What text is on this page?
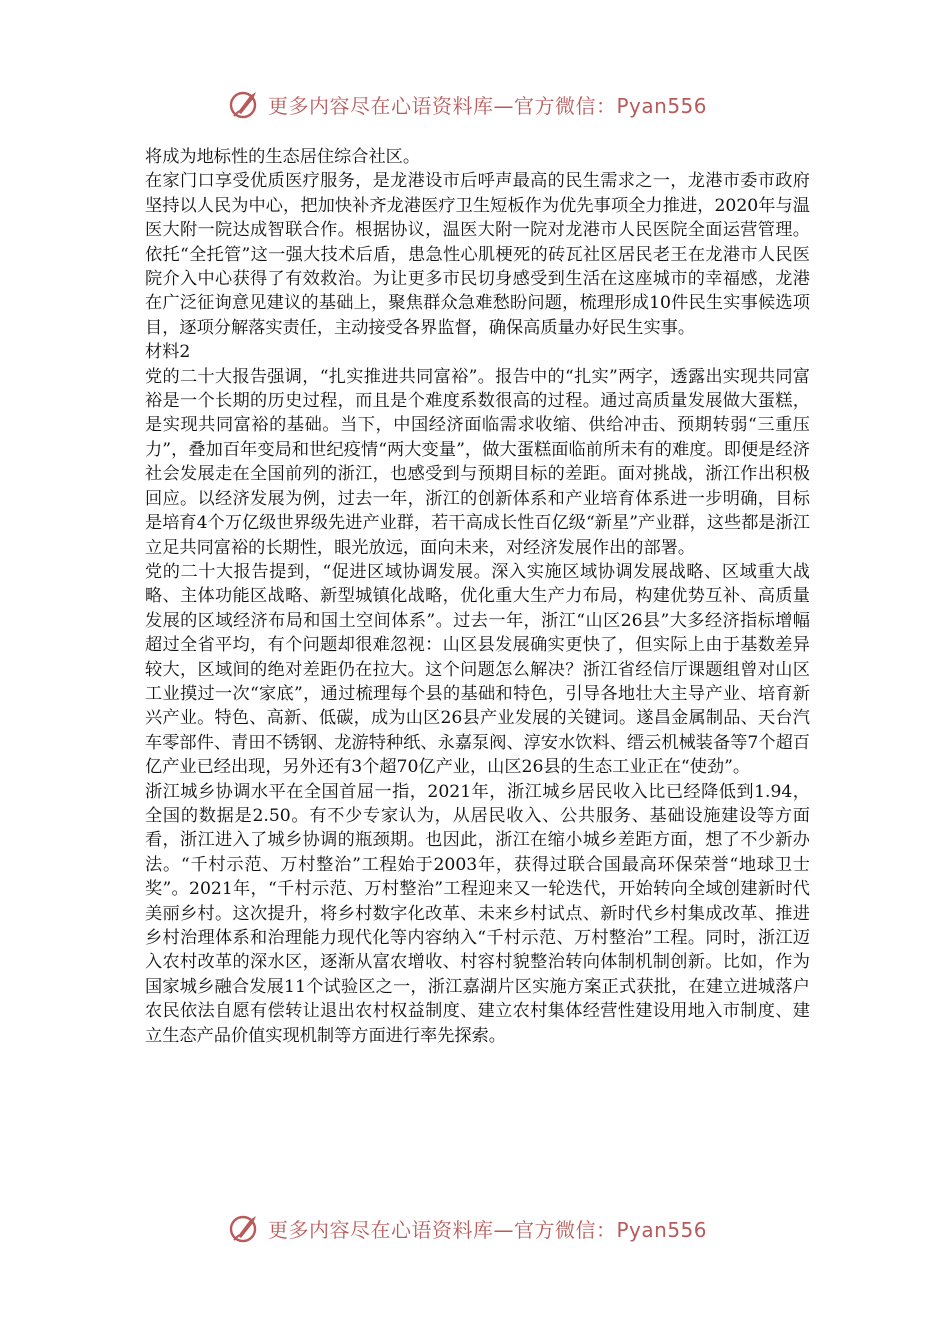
更多内容尽在心语资料库—官方微信：Pyan556

将成为地标性的生态居住综合社区。

在家门口享受优质医疗服务，是龙港设市后呼声最高的民生需求之一，龙港市委市政府坚持以人民为中心，把加快补齐龙港医疗卫生短板作为优先事项全力推进，2020年与温医大附一院达成智联合作。根据协议，温医大附一院对龙港市人民医院全面运营管理。依托“全托管”这一强大技术后盾，患急性心肌梗死的砖瓦社区居民老王在龙港市人民医院介入中心获得了有效救治。为让更多市民切身感受到生活在这座城市的幸福感，龙港在广泛征询意见建议的基础上，聚焦群众急难愁盼问题，梳理形成10件民生实事候选项目，逐项分解落实责任，主动接受各界监督，确保高质量办好民生实事。

材料2

党的二十大报告强调，“扎实推进共同富裕”。报告中的“扎实”两字，透露出实现共同富裕是一个长期的历史过程，而且是个难度系数很高的过程。通过高质量发展做大蛋糕，是实现共同富裕的基础。当下，中国经济面临需求收缩、供给冲击、预期转弱“三重压力”，叠加百年变局和世纪疫情“两大变量”，做大蛋糕面临前所未有的难度。即便是经济社会发展走在全国前列的浙江，也感受到与预期目标的差距。面对挑战，浙江作出积极回应。以经济发展为例，过去一年，浙江的创新体系和产业培育体系进一步明确，目标是培育4个万亿级世界级先进产业群，若干高成长性百亿级“新星”产业群，这些都是浙江立足共同富裕的长期性，眼光放远，面向未来，对经济发展作出的部署。

党的二十大报告提到，“促进区域协调发展。深入实施区域协调发展战略、区域重大战略、主体功能区战略、新型城镇化战略，优化重大生产力布局，构建优势互补、高质量发展的区域经济布局和国土空间体系”。过去一年，浙江“山区26县”大多经济指标增幅超过全省平均，有个问题却很难忽视：山区县发展确实更快了，但实际上由于基数差异较大，区域间的绝对差距仍在拉大。这个问题怎么解决？浙江省经信厅课题组曾对山区工业摸过一次“家底”，通过梳理每个县的基础和特色，引导各地壮大主导产业、培育新兴产业。特色、高新、低碳，成为山区26县产业发展的关键词。遂昌金属制品、天台汽车零部件、青田不锈钢、龙游特种纸、永嘉泵阀、淳安水饮料、缙云机械装备等7个超百亿产业已经出现，另外还有3个超70亿产业，山区26县的生态工业正在“使劲”。

浙江城乡协调水平在全国首屈一指，2021年，浙江城乡居民收入比已经降低到1.94，全国的数据是2.50。有不少专家认为，从居民收入、公共服务、基础设施建设等方面看，浙江进入了城乡协调的瓶颈期。也因此，浙江在缩小城乡差距方面，想了不少新办法。“千村示范、万村整治”工程始于2003年，获得过联合国最高环保荣誉“地球卫士奖”。2021年，“千村示范、万村整治”工程迎来又一轮迭代，开始转向全域创建新时代美丽乡村。这次提升，将乡村数字化改革、未来乡村试点、新时代乡村集成改革、推进乡村治理体系和治理能力现代化等内容纳入“千村示范、万村整治”工程。同时，浙江迈入农村改革的深水区，逐渐从富农增收、村容村貌整治转向体制机制创新。比如，作为国家城乡融合发展11个试验区之一，浙江嘉湖片区实施方案正式获批，在建立进城落户农民依法自愿有偿转让退出农村权益制度、建立农村集体经营性建设用地入市制度、建立生态产品价值实现机制等方面进行率先探索。

更多内容尽在心语资料库—官方微信：Pyan556
